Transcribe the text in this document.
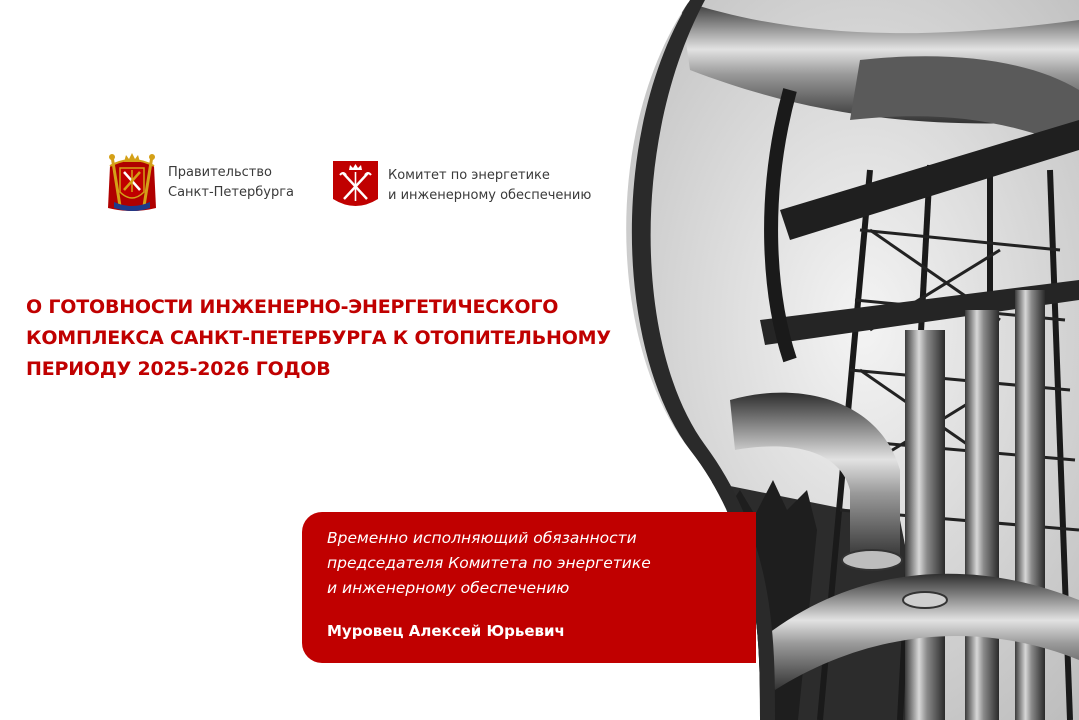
Правительство
Санкт-Петербурга
Комитет по энергетике
и инженерному обеспечению
О ГОТОВНОСТИ ИНЖЕНЕРНО-ЭНЕРГЕТИЧЕСКОГО
КОМПЛЕКСА САНКТ-ПЕТЕРБУРГА К ОТОПИТЕЛЬНОМУ
ПЕРИОДУ 2025-2026 ГОДОВ
Временно исполняющий обязанности
председателя Комитета по энергетике
и инженерному обеспечению
Муровец Алексей Юрьевич
